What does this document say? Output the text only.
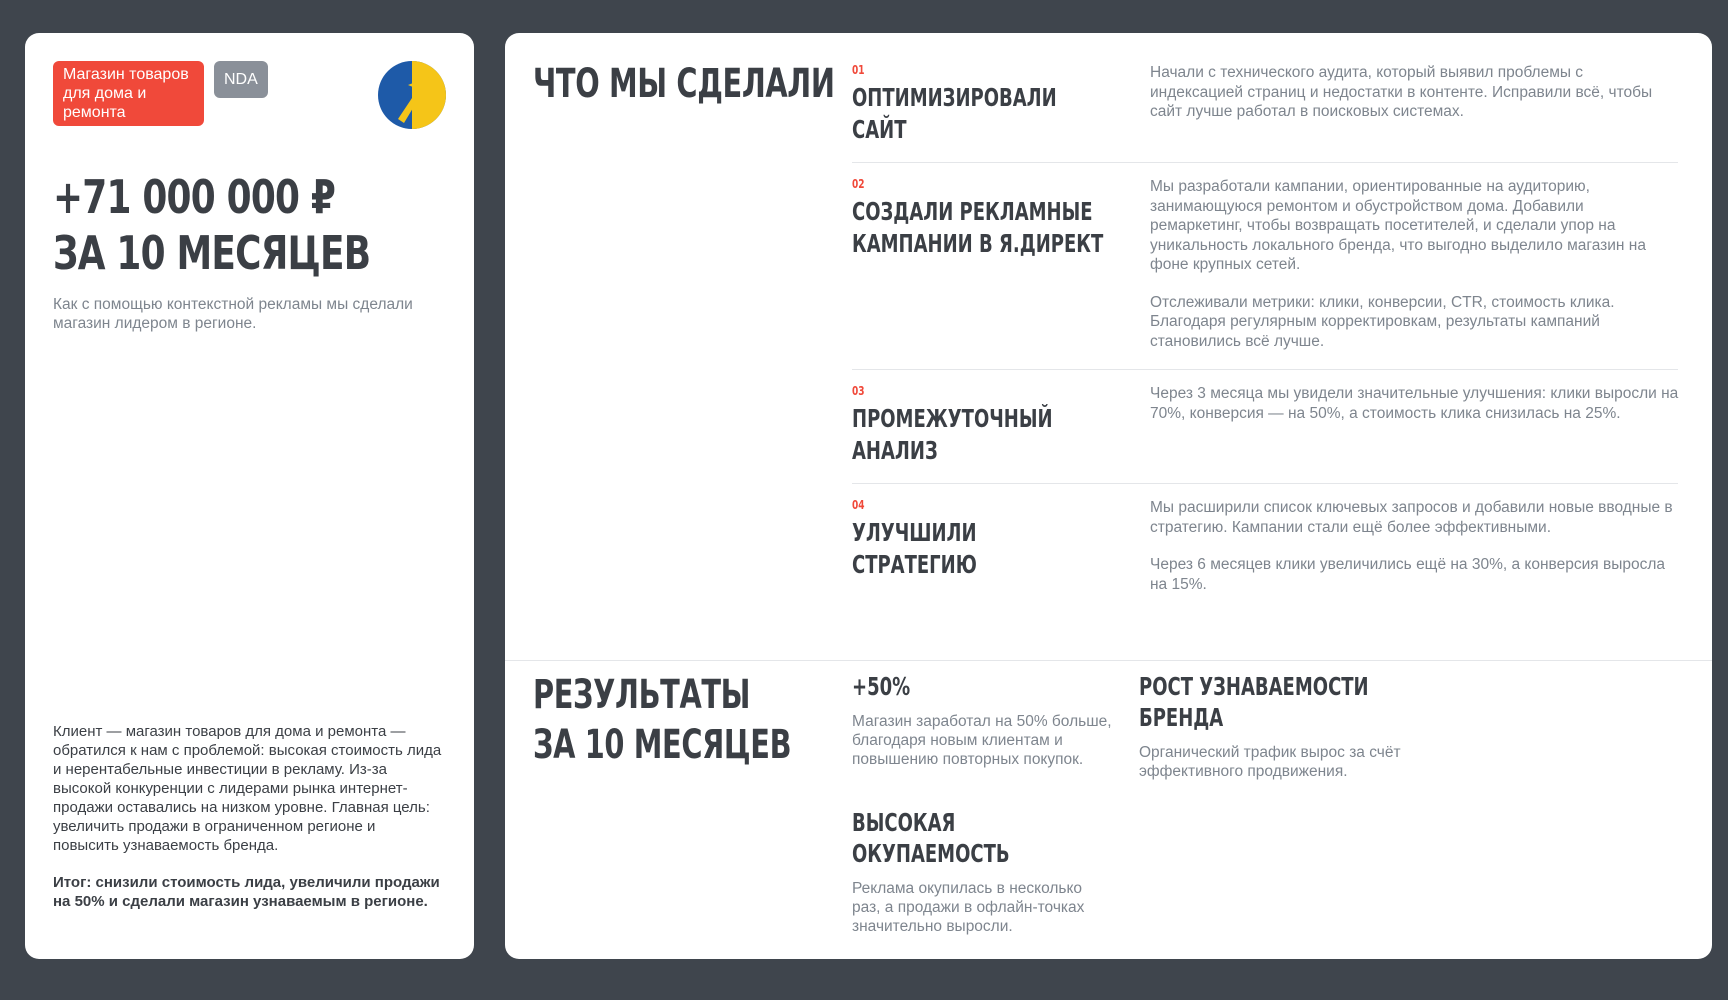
Магазин товаров для дома и ремонта
NDA
+71 000 000 ₽
ЗА 10 МЕСЯЦЕВ
Как с помощью контекстной рекламы мы сделали магазин лидером в регионе.

Клиент — магазин товаров для дома и ремонта — обратился к нам с проблемой: высокая стоимость лида и нерентабельные инвестиции в рекламу. Из-за высокой конкуренции с лидерами рынка интернет-продажи оставались на низком уровне. Главная цель: увеличить продажи в ограниченном регионе и повысить узнаваемость бренда.

Итог: снизили стоимость лида, увеличили продажи на 50% и сделали магазин узнаваемым в регионе.

ЧТО МЫ СДЕЛАЛИ 01
ОПТИМИЗИРОВАЛИ
САЙТ

Начали с технического аудита, который выявил проблемы с индексацией страниц и недостатки в контенте. Исправили всё, чтобы сайт лучше работал в поисковых системах.

02
СОЗДАЛИ РЕКЛАМНЫЕ
КАМПАНИИ В Я.ДИРЕКТ

Мы разработали кампании, ориентированные на аудиторию, занимающуюся ремонтом и обустройством дома. Добавили ремаркетинг, чтобы возвращать посетителей, и сделали упор на уникальность локального бренда, что выгодно выделило магазин на фоне крупных сетей.

Отслеживали метрики: клики, конверсии, CTR, стоимость клика. Благодаря регулярным корректировкам, результаты кампаний становились всё лучше.

03
ПРОМЕЖУТОЧНЫЙ
АНАЛИЗ

Через 3 месяца мы увидели значительные улучшения: клики выросли на 70%, конверсия — на 50%, а стоимость клика снизилась на 25%.

04
УЛУЧШИЛИ
СТРАТЕГИЮ

Мы расширили список ключевых запросов и добавили новые вводные в стратегию. Кампании стали ещё более эффективными.

Через 6 месяцев клики увеличились ещё на 30%, а конверсия выросла на 15%.

РЕЗУЛЬТАТЫ
ЗА 10 МЕСЯЦЕВ
+50%
Магазин заработал на 50% больше, благодаря новым клиентам и повышению повторных покупок.
РОСТ УЗНАВАЕМОСТИ
БРЕНДА
Органический трафик вырос за счёт эффективного продвижения.
ВЫСОКАЯ
ОКУПАЕМОСТЬ
Реклама окупилась в несколько раз, а продажи в офлайн-точках значительно выросли.
